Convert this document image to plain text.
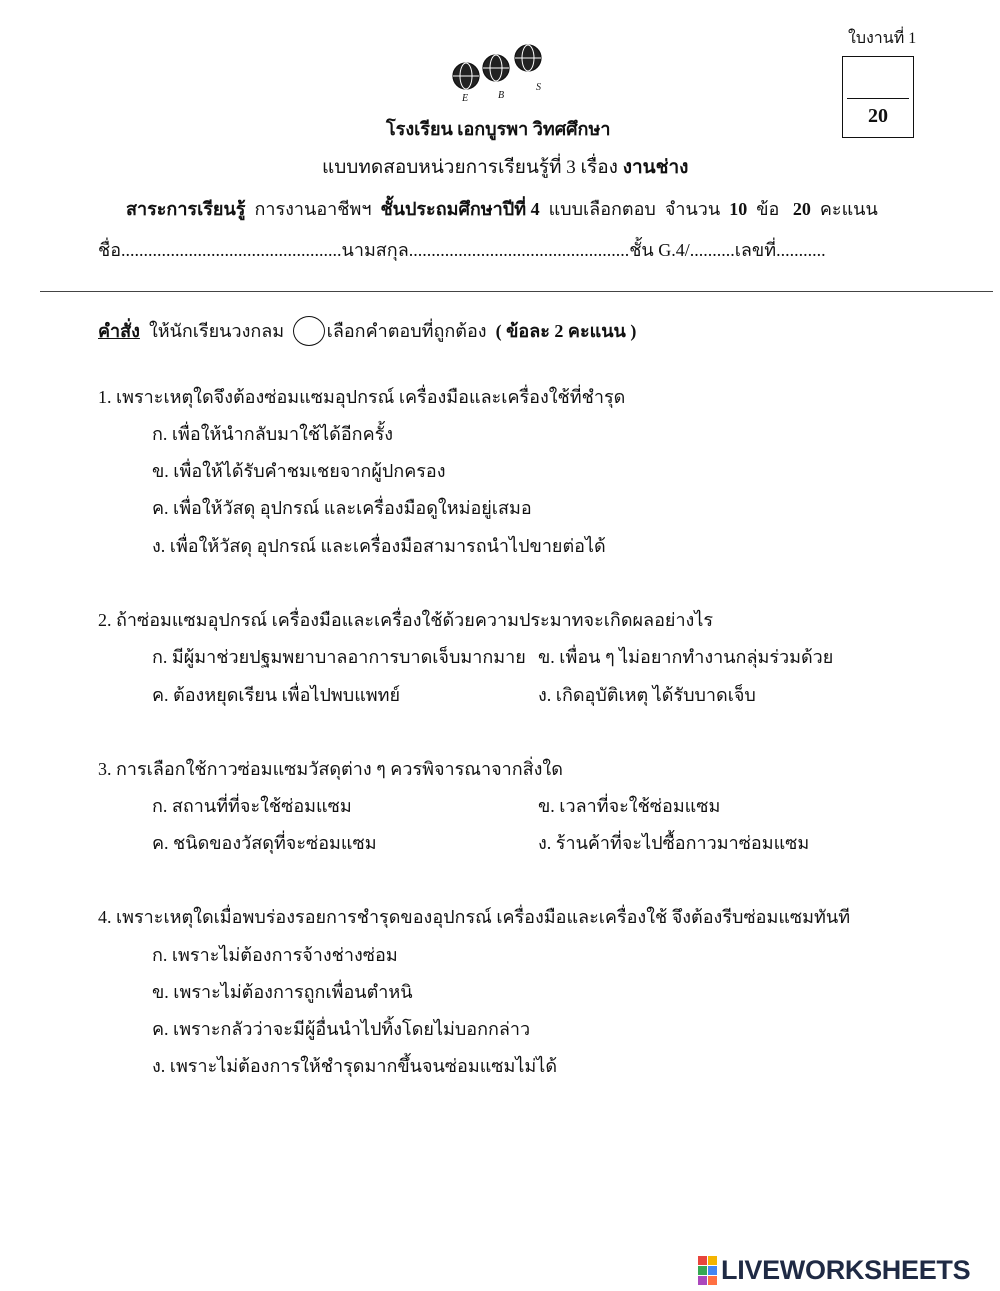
ใบงานที่ 1
20
E	B
S
โรงเรียน เอกบูรพา วิทศศึกษา
แบบทดสอบหน่วยการเรียนรู้ที่ 3 เรื่อง งานช่าง
สาระการเรียนรู้  การงานอาชีพฯ  ชั้นประถมศึกษาปีที่ 4  แบบเลือกตอบ  จำนวน  10  ข้อ   20  คะแนน
ชื่อ.................................................นามสกุล.................................................ชั้น G.4/..........เลขที่...........
คำสั่ง  ให้นักเรียนวงกลม เลือกคำตอบที่ถูกต้อง  ( ข้อละ 2 คะแนน )
1. เพราะเหตุใดจึงต้องซ่อมแซมอุปกรณ์ เครื่องมือและเครื่องใช้ที่ชำรุด
ก. เพื่อให้นำกลับมาใช้ได้อีกครั้ง
ข. เพื่อให้ได้รับคำชมเชยจากผู้ปกครอง
ค. เพื่อให้วัสดุ อุปกรณ์ และเครื่องมือดูใหม่อยู่เสมอ
ง. เพื่อให้วัสดุ อุปกรณ์ และเครื่องมือสามารถนำไปขายต่อได้
2. ถ้าซ่อมแซมอุปกรณ์ เครื่องมือและเครื่องใช้ด้วยความประมาทจะเกิดผลอย่างไร
ก. มีผู้มาช่วยปฐมพยาบาลอาการบาดเจ็บมากมาย ข. เพื่อน ๆ ไม่อยากทำงานกลุ่มร่วมด้วย
ค. ต้องหยุดเรียน เพื่อไปพบแพทย์	ง. เกิดอุบัติเหตุ ได้รับบาดเจ็บ
3. การเลือกใช้กาวซ่อมแซมวัสดุต่าง ๆ ควรพิจารณาจากสิ่งใด
ก. สถานที่ที่จะใช้ซ่อมแซม	ข. เวลาที่จะใช้ซ่อมแซม
ค. ชนิดของวัสดุที่จะซ่อมแซม	ง. ร้านค้าที่จะไปซื้อกาวมาซ่อมแซม
4. เพราะเหตุใดเมื่อพบร่องรอยการชำรุดของอุปกรณ์ เครื่องมือและเครื่องใช้ จึงต้องรีบซ่อมแซมทันที
ก. เพราะไม่ต้องการจ้างช่างซ่อม
ข. เพราะไม่ต้องการถูกเพื่อนตำหนิ
ค. เพราะกลัวว่าจะมีผู้อื่นนำไปทิ้งโดยไม่บอกกล่าว
ง. เพราะไม่ต้องการให้ชำรุดมากขึ้นจนซ่อมแซมไม่ได้
LIVEWORKSHEETS
